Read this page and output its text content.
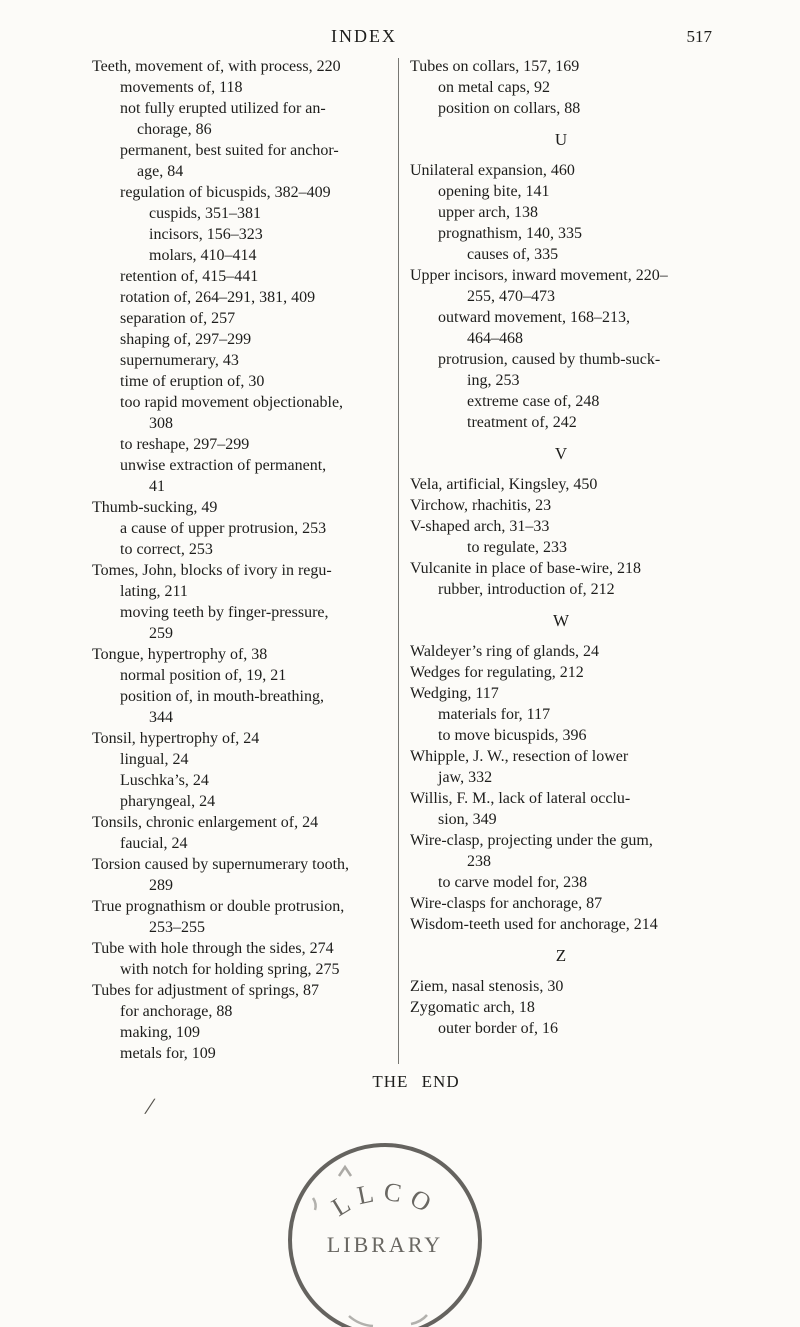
INDEX	517
Teeth, movement of, with process, 220
movements of, 118
not fully erupted utilized for an-
chorage, 86
permanent, best suited for anchor-
age, 84
regulation of bicuspids, 382–409
cuspids, 351–381
incisors, 156–323
molars, 410–414
retention of, 415–441
rotation of, 264–291, 381, 409
separation of, 257
shaping of, 297–299
supernumerary, 43
time of eruption of, 30
too rapid movement objectionable,
308
to reshape, 297–299
unwise extraction of permanent,
41
Thumb-sucking, 49
a cause of upper protrusion, 253
to correct, 253
Tomes, John, blocks of ivory in regu-
lating, 211
moving teeth by finger-pressure,
259
Tongue, hypertrophy of, 38
normal position of, 19, 21
position of, in mouth-breathing,
344
Tonsil, hypertrophy of, 24
lingual, 24
Luschka’s, 24
pharyngeal, 24
Tonsils, chronic enlargement of, 24
faucial, 24
Torsion caused by supernumerary tooth,
289
True prognathism or double protrusion,
253–255
Tube with hole through the sides, 274
with notch for holding spring, 275
Tubes for adjustment of springs, 87
for anchorage, 88
making, 109
metals for, 109
Tubes on collars, 157, 169
on metal caps, 92
position on collars, 88
U
Unilateral expansion, 460
opening bite, 141
upper arch, 138
prognathism, 140, 335
causes of, 335
Upper incisors, inward movement, 220–
255, 470–473
outward movement, 168–213,
464–468
protrusion, caused by thumb-suck-
ing, 253
extreme case of, 248
treatment of, 242
V
Vela, artificial, Kingsley, 450
Virchow, rhachitis, 23
V-shaped arch, 31–33
to regulate, 233
Vulcanite in place of base-wire, 218
rubber, introduction of, 212
W
Waldeyer’s ring of glands, 24
Wedges for regulating, 212
Wedging, 117
materials for, 117
to move bicuspids, 396
Whipple, J. W., resection of lower
jaw, 332
Willis, F. M., lack of lateral occlu-
sion, 349
Wire-clasp, projecting under the gum,
238
to carve model for, 238
Wire-clasps for anchorage, 87
Wisdom-teeth used for anchorage, 214
Z
Ziem, nasal stenosis, 30
Zygomatic arch, 18
outer border of, 16
THE END
/
LLCO
LIBRARY
